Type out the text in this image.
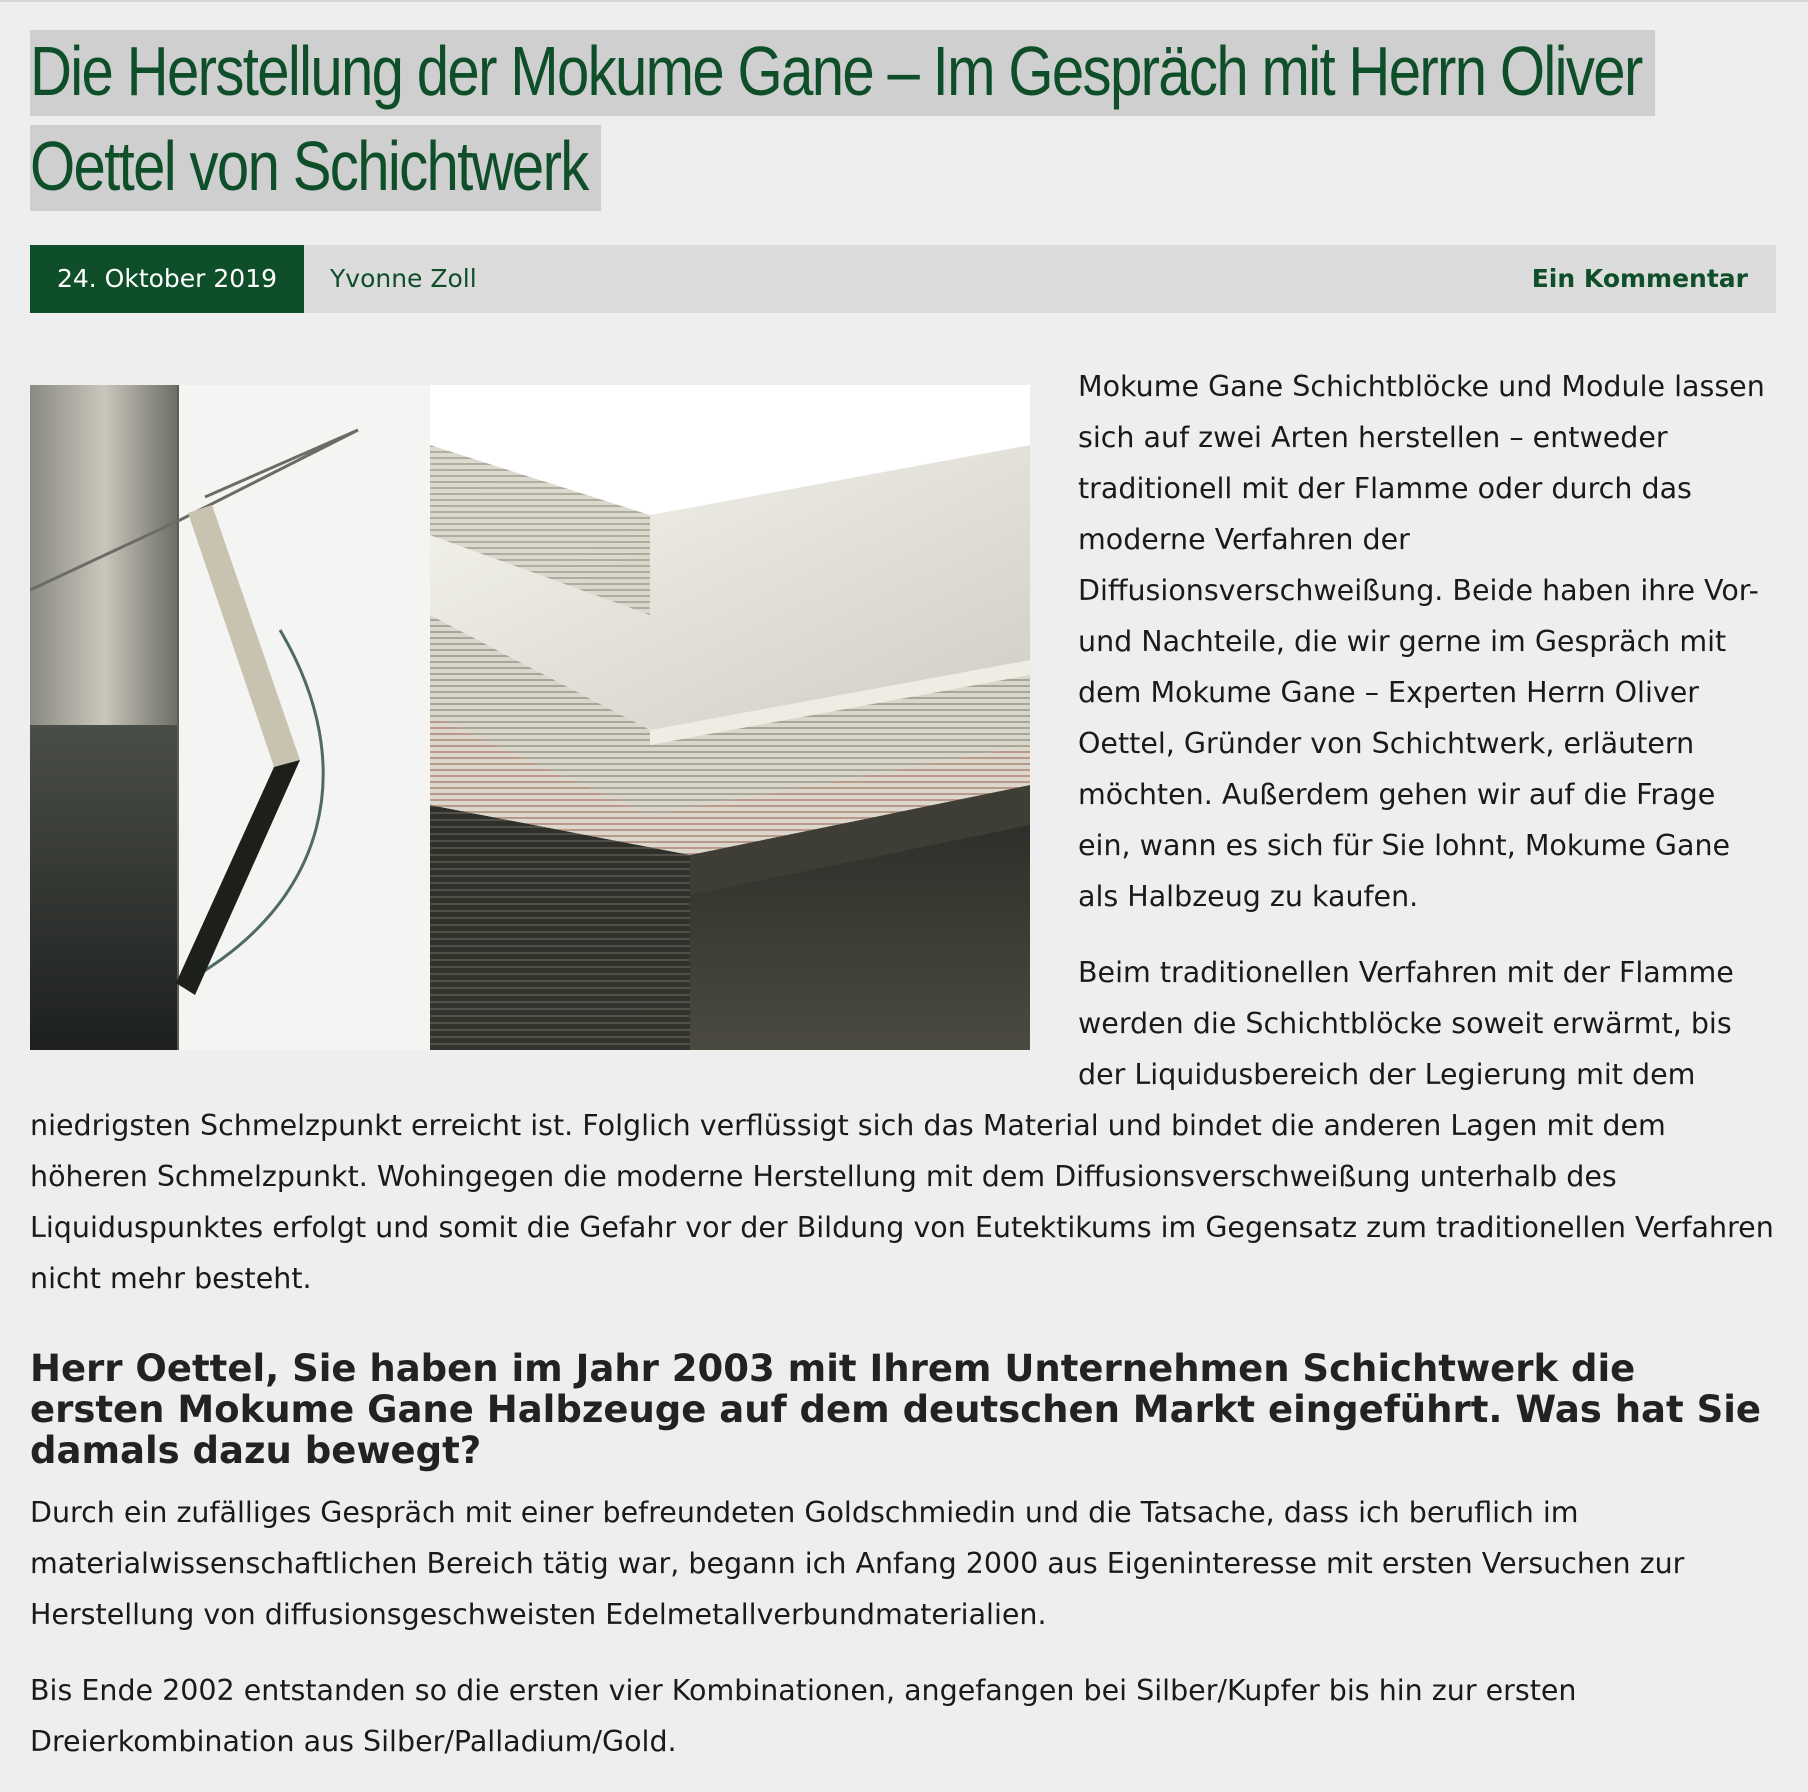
Die Herstellung der Mokume Gane – Im Gespräch mit Herrn Oliver
Oettel von Schichtwerk
24. Oktober 2019	Yvonne Zoll	Ein Kommentar

Mokume Gane Schichtblöcke und Module lassen sich auf zwei Arten herstellen – entweder traditionell mit der Flamme oder durch das moderne Verfahren der Diffusionsverschweißung. Beide haben ihre Vor- und Nachteile, die wir gerne im Gespräch mit dem Mokume Gane – Experten Herrn Oliver Oettel, Gründer von Schichtwerk, erläutern möchten. Außerdem gehen wir auf die Frage ein, wann es sich für Sie lohnt, Mokume Gane als Halbzeug zu kaufen.

Beim traditionellen Verfahren mit der Flamme werden die Schichtblöcke soweit erwärmt, bis der Liquidusbereich der Legierung mit dem niedrigsten Schmelzpunkt erreicht ist. Folglich verflüssigt sich das Material und bindet die anderen Lagen mit dem höheren Schmelzpunkt. Wohingegen die moderne Herstellung mit dem Diffusionsverschweißung unterhalb des Liquiduspunktes erfolgt und somit die Gefahr vor der Bildung von Eutektikums im Gegensatz zum traditionellen Verfahren nicht mehr besteht.

Herr Oettel, Sie haben im Jahr 2003 mit Ihrem Unternehmen Schichtwerk die ersten Mokume Gane Halbzeuge auf dem deutschen Markt eingeführt. Was hat Sie damals dazu bewegt?

Durch ein zufälliges Gespräch mit einer befreundeten Goldschmiedin und die Tatsache, dass ich beruflich im materialwissenschaftlichen Bereich tätig war, begann ich Anfang 2000 aus Eigeninteresse mit ersten Versuchen zur Herstellung von diffusionsgeschweisten Edelmetallverbundmaterialien.

Bis Ende 2002 entstanden so die ersten vier Kombinationen, angefangen bei Silber/Kupfer bis hin zur ersten Dreierkombination aus Silber/Palladium/Gold.
